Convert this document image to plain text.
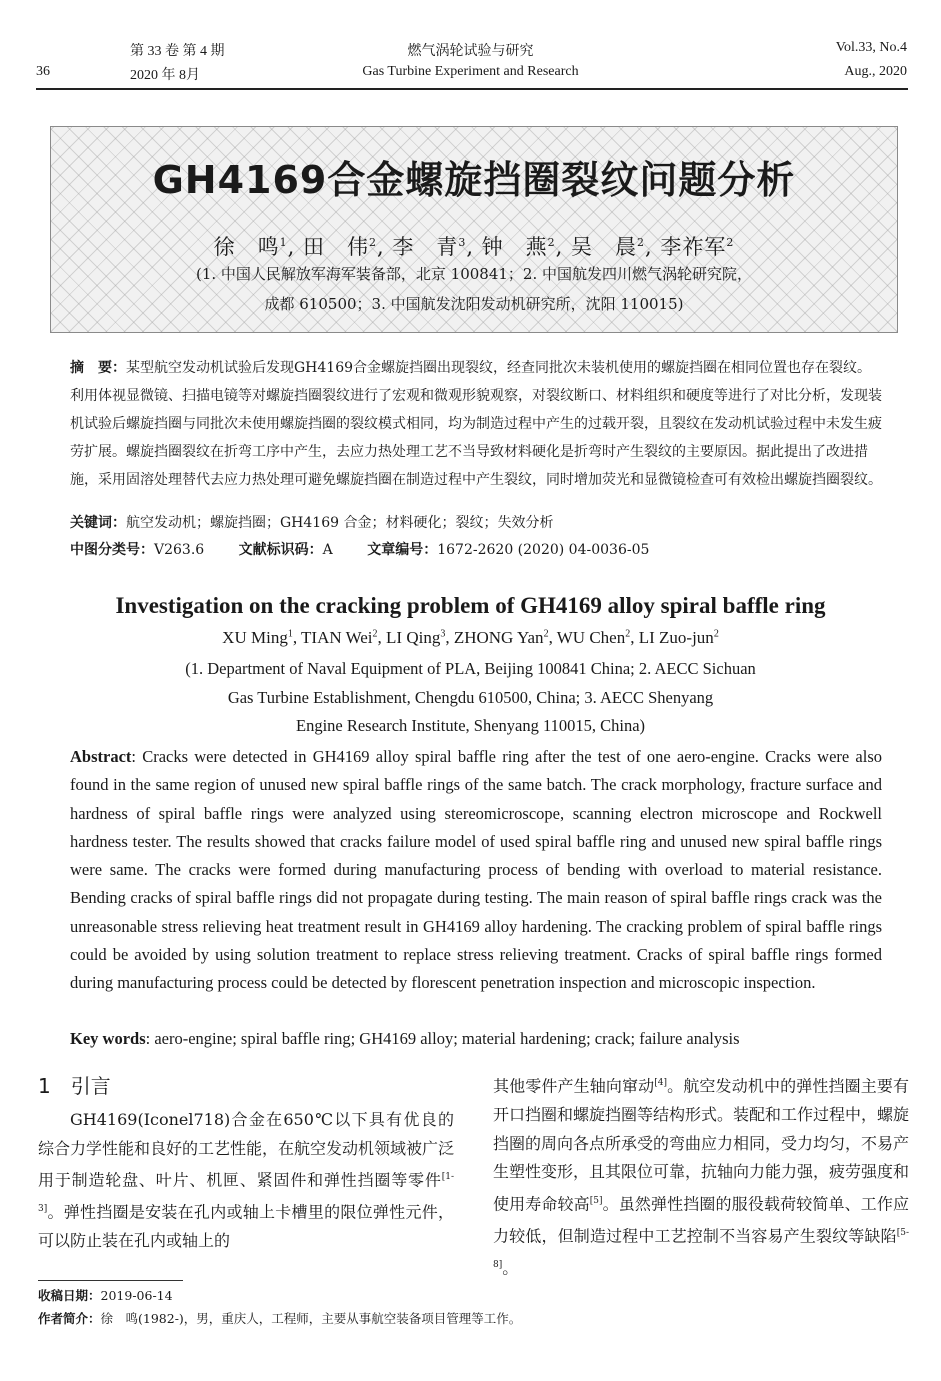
36
第 33 卷 第 4 期
2020 年 8月
燃气涡轮试验与研究
Gas Turbine Experiment and Research
Vol.33, No.4
Aug., 2020
GH4169合金螺旋挡圈裂纹问题分析
徐　鸣$^1$, 田　伟$^2$, 李　青$^3$, 钟　燕$^2$, 吴　晨$^2$, 李祚军$^2$
(1. 中国人民解放军海军装备部，北京 100841；2. 中国航发四川燃气涡轮研究院，
成都 610500；3. 中国航发沈阳发动机研究所，沈阳 110015)
摘　要：某型航空发动机试验后发现GH4169合金螺旋挡圈出现裂纹，经查同批次未装机使用的螺旋挡圈在相同位置也存在裂纹。利用体视显微镜、扫描电镜等对螺旋挡圈裂纹进行了宏观和微观形貌观察，对裂纹断口、材料组织和硬度等进行了对比分析，发现装机试验后螺旋挡圈与同批次未使用螺旋挡圈的裂纹模式相同，均为制造过程中产生的过载开裂，且裂纹在发动机试验过程中未发生疲劳扩展。螺旋挡圈裂纹在折弯工序中产生，去应力热处理工艺不当导致材料硬化是折弯时产生裂纹的主要原因。据此提出了改进措施，采用固溶处理替代去应力热处理可避免螺旋挡圈在制造过程中产生裂纹，同时增加荧光和显微镜检查可有效检出螺旋挡圈裂纹。
关键词：航空发动机；螺旋挡圈；GH4169 合金；材料硬化；裂纹；失效分析
中图分类号：V263.6 文献标识码：A 文章编号：1672-2620 (2020) 04-0036-05
Investigation on the cracking problem of GH4169 alloy spiral baffle ring
XU Ming$^1$, TIAN Wei$^2$, LI Qing$^3$, ZHONG Yan$^2$, WU Chen$^2$, LI Zuo-jun$^2$
(1. Department of Naval Equipment of PLA, Beijing 100841 China; 2. AECC Sichuan
Gas Turbine Establishment, Chengdu 610500, China; 3. AECC Shenyang
Engine Research Institute, Shenyang 110015, China)
Abstract: Cracks were detected in GH4169 alloy spiral baffle ring after the test of one aero-engine. Cracks were also found in the same region of unused new spiral baffle rings of the same batch. The crack morphology, fracture surface and hardness of spiral baffle rings were analyzed using stereomicroscope, scanning electron microscope and Rockwell hardness tester. The results showed that cracks failure model of used spiral baffle ring and unused new spiral baffle rings were same. The cracks were formed during manufacturing process of bending with overload to material resistance. Bending cracks of spiral baffle rings did not propagate during testing. The main reason of spiral baffle rings crack was the unreasonable stress relieving heat treatment result in GH4169 alloy hardening. The cracking problem of spiral baffle rings could be avoided by using solution treatment to replace stress relieving treatment. Cracks of spiral baffle rings formed during manufacturing process could be detected by florescent penetration inspection and microscopic inspection.
Key words: aero-engine; spiral baffle ring; GH4169 alloy; material hardening; crack; failure analysis
1　引言
GH4169(Iconel718)合金在650℃以下具有优良的综合力学性能和良好的工艺性能，在航空发动机领域被广泛用于制造轮盘、叶片、机匣、紧固件和弹性挡圈等零件[1-3]。弹性挡圈是安装在孔内或轴上卡槽里的限位弹性元件，可以防止装在孔内或轴上的
其他零件产生轴向窜动[4]。航空发动机中的弹性挡圈主要有开口挡圈和螺旋挡圈等结构形式。装配和工作过程中，螺旋挡圈的周向各点所承受的弯曲应力相同，受力均匀，不易产生塑性变形，且其限位可靠，抗轴向力能力强，疲劳强度和使用寿命较高[5]。虽然弹性挡圈的服役载荷较简单、工作应力较低，但制造过程中工艺控制不当容易产生裂纹等缺陷[5-8]。
收稿日期：2019-06-14
作者简介：徐　鸣(1982-)，男，重庆人，工程师，主要从事航空装备项目管理等工作。
